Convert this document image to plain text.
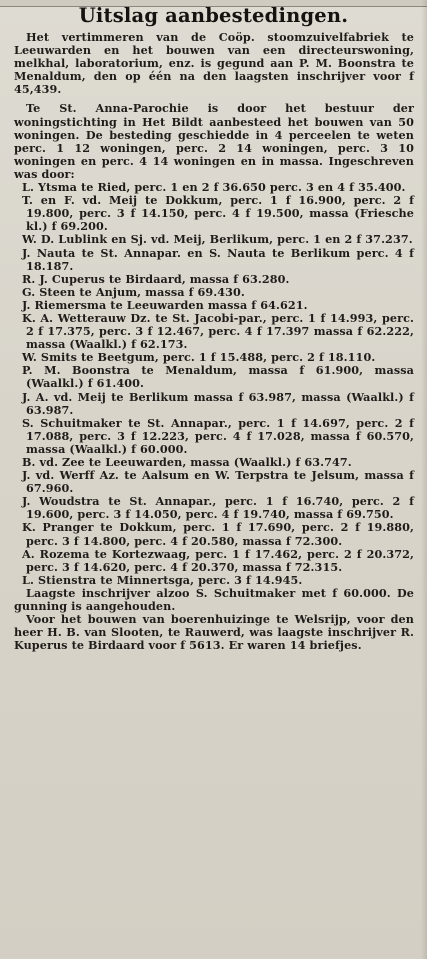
Uitslag aanbestedingen.

Het vertimmeren van de Coöp. stoomzuivelfabriek te Leeuwarden en het bouwen van een directeurswoning, melkhal, laboratorium, enz. is gegund aan P. M. Boonstra te Menaldum, den op één na den laagsten inschrijver voor f 45,439.

Te St. Anna-Parochie is door het bestuur der woningstichting in Het Bildt aanbesteed het bouwen van 50 woningen. De besteding geschiedde in 4 perceelen te weten perc. 1 12 woningen, perc. 2 14 woningen, perc. 3 10 woningen en perc. 4 14 woningen en in massa. Ingeschreven was door:

L. Ytsma te Ried, perc. 1 en 2 f 36.650 perc. 3 en 4 f 35.400.

T. en F. vd. Meij te Dokkum, perc. 1 f 16.900, perc. 2 f 19.800, perc. 3 f 14.150, perc. 4 f 19.500, massa (Friesche kl.) f 69.200.

W. D. Lublink en Sj. vd. Meij, Berlikum, perc. 1 en 2 f 37.237.

J. Nauta te St. Annapar. en S. Nauta te Berlikum perc. 4 f 18.187.

R. J. Cuperus te Birdaard, massa f 63.280.

G. Steen te Anjum, massa f 69.430.

J. Riemersma te Leeuwarden massa f 64.621.

K. A. Wetterauw Dz. te St. Jacobi-par., perc. 1 f 14.993, perc. 2 f 17.375, perc. 3 f 12.467, perc. 4 f 17.397 massa f 62.222, massa (Waalkl.) f 62.173.

W. Smits te Beetgum, perc. 1 f 15.488, perc. 2 f 18.110.

P. M. Boonstra te Menaldum, massa f 61.900, massa (Waalkl.) f 61.400.

J. A. vd. Meij te Berlikum massa f 63.987, massa (Waalkl.) f 63.987.

S. Schuitmaker te St. Annapar., perc. 1 f 14.697, perc. 2 f 17.088, perc. 3 f 12.223, perc. 4 f 17.028, massa f 60.570, massa (Waalkl.) f 60.000.

B. vd. Zee te Leeuwarden, massa (Waalkl.) f 63.747.

J. vd. Werff Az. te Aalsum en W. Terpstra te Jelsum, massa f 67.960.

J. Woudstra te St. Annapar., perc. 1 f 16.740, perc. 2 f 19.600, perc. 3 f 14.050, perc. 4 f 19.740, massa f 69.750.

K. Pranger te Dokkum, perc. 1 f 17.690, perc. 2 f 19.880, perc. 3 f 14.800, perc. 4 f 20.580, massa f 72.300.

A. Rozema te Kortezwaag, perc. 1 f 17.462, perc. 2 f 20.372, perc. 3 f 14.620, perc. 4 f 20.370, massa f 72.315.

L. Stienstra te Minnertsga, perc. 3 f 14.945.

Laagste inschrijver alzoo S. Schuitmaker met f 60.000. De gunning is aangehouden.

Voor het bouwen van boerenhuizinge te Welsrijp, voor den heer H. B. van Slooten, te Rauwerd, was laagste inschrijver R. Kuperus te Birdaard voor f 5613. Er waren 14 briefjes.
